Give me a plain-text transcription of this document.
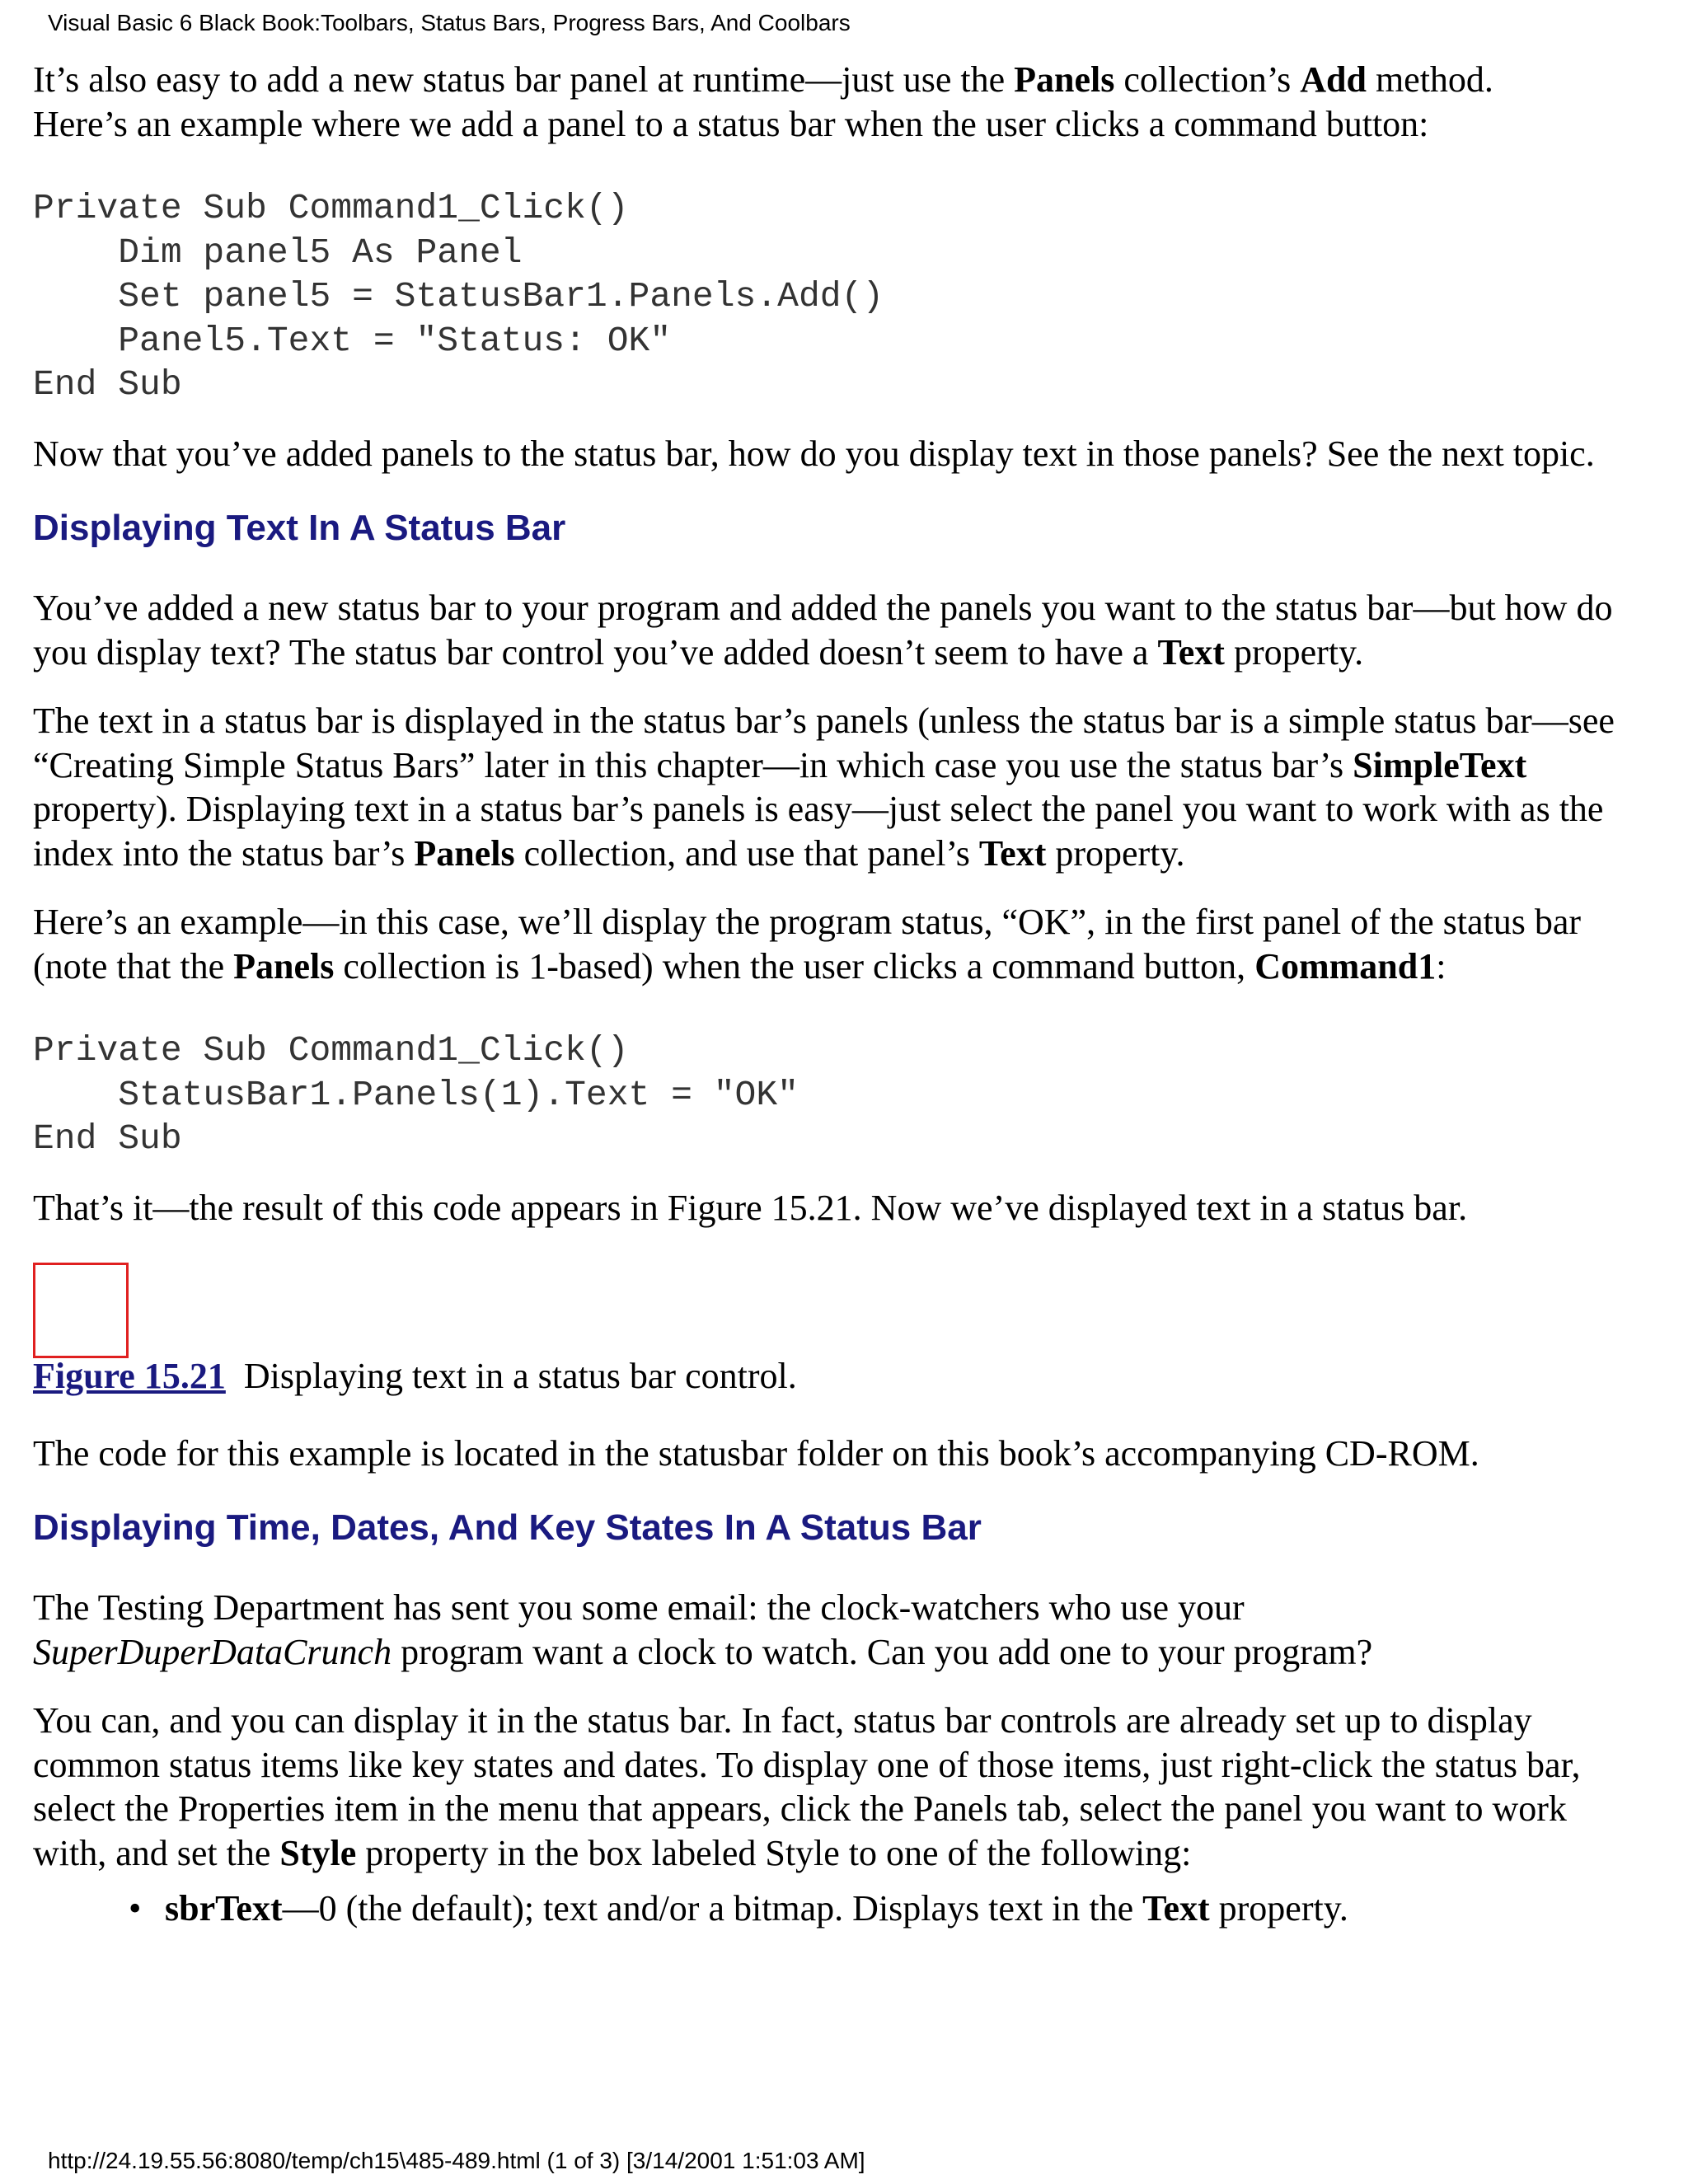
Visual Basic 6 Black Book:Toolbars, Status Bars, Progress Bars, And Coolbars

It’s also easy to add a new status bar panel at runtime—just use the Panels collection’s Add method.
Here’s an example where we add a panel to a status bar when the user clicks a command button:

Private Sub Command1_Click()
Dim panel5 As Panel
Set panel5 = StatusBar1.Panels.Add()
Panel5.Text = "Status: OK"
End Sub

Now that you’ve added panels to the status bar, how do you display text in those panels? See the next topic.

Displaying Text In A Status Bar

You’ve added a new status bar to your program and added the panels you want to the status bar—but how do you display text? The status bar control you’ve added doesn’t seem to have a Text property.

The text in a status bar is displayed in the status bar’s panels (unless the status bar is a simple status bar—see “Creating Simple Status Bars” later in this chapter—in which case you use the status bar’s SimpleText property). Displaying text in a status bar’s panels is easy—just select the panel you want to work with as the index into the status bar’s Panels collection, and use that panel’s Text property.

Here’s an example—in this case, we’ll display the program status, “OK”, in the first panel of the status bar (note that the Panels collection is 1-based) when the user clicks a command button, Command1:

Private Sub Command1_Click()
StatusBar1.Panels(1).Text = "OK"
End Sub

That’s it—the result of this code appears in Figure 15.21. Now we’ve displayed text in a status bar.

Figure 15.21  Displaying text in a status bar control.

The code for this example is located in the statusbar folder on this book’s accompanying CD-ROM.

Displaying Time, Dates, And Key States In A Status Bar

The Testing Department has sent you some email: the clock-watchers who use your
SuperDuperDataCrunch program want a clock to watch. Can you add one to your program?

You can, and you can display it in the status bar. In fact, status bar controls are already set up to display common status items like key states and dates. To display one of those items, just right-click the status bar, select the Properties item in the menu that appears, click the Panels tab, select the panel you want to work with, and set the Style property in the box labeled Style to one of the following:

• sbrText—0 (the default); text and/or a bitmap. Displays text in the Text property.
http://24.19.55.56:8080/temp/ch15\485-489.html (1 of 3) [3/14/2001 1:51:03 AM]
